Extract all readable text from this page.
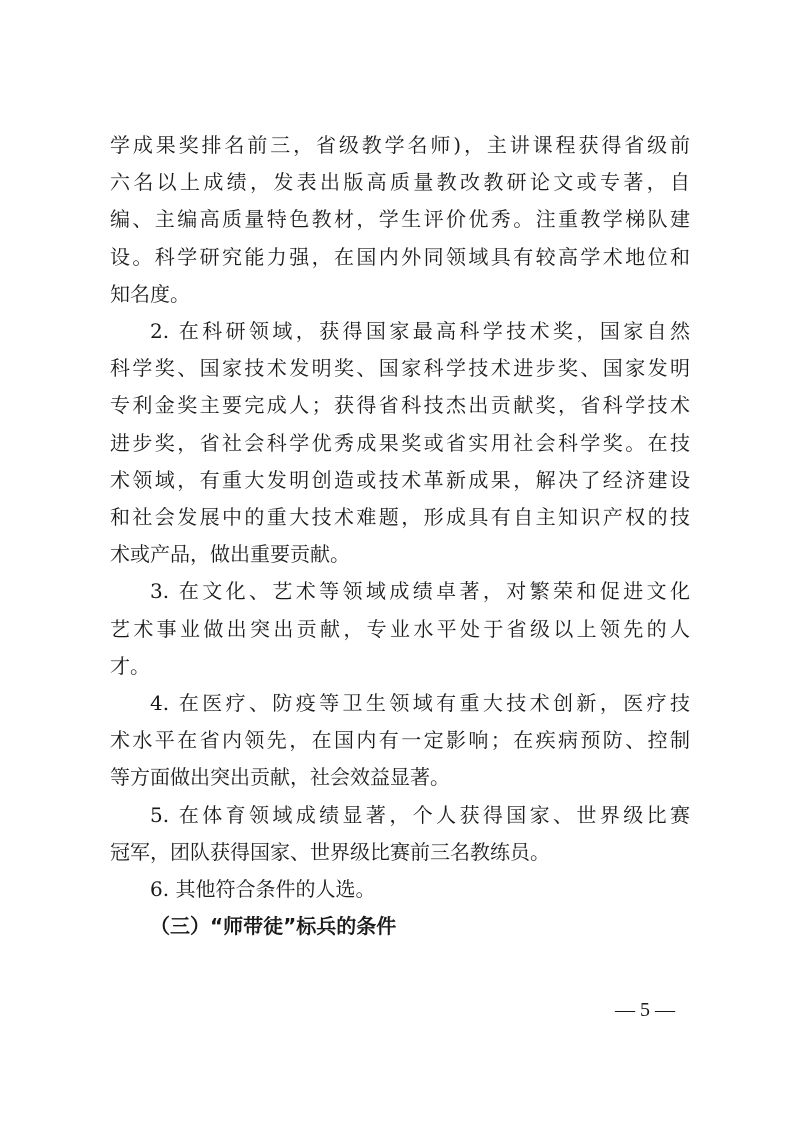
学成果奖排名前三，省级教学名师)，主讲课程获得省级前
六名以上成绩，发表出版高质量教改教研论文或专著，自
编、主编高质量特色教材，学生评价优秀。注重教学梯队建
设。科学研究能力强，在国内外同领域具有较高学术地位和
知名度。
2. 在科研领域，获得国家最高科学技术奖，国家自然
科学奖、国家技术发明奖、国家科学技术进步奖、国家发明
专利金奖主要完成人；获得省科技杰出贡献奖，省科学技术
进步奖，省社会科学优秀成果奖或省实用社会科学奖。在技
术领域，有重大发明创造或技术革新成果，解决了经济建设
和社会发展中的重大技术难题，形成具有自主知识产权的技
术或产品，做出重要贡献。
3. 在文化、艺术等领域成绩卓著，对繁荣和促进文化
艺术事业做出突出贡献，专业水平处于省级以上领先的人
才。
4. 在医疗、防疫等卫生领域有重大技术创新，医疗技
术水平在省内领先，在国内有一定影响；在疾病预防、控制
等方面做出突出贡献，社会效益显著。
5. 在体育领域成绩显著，个人获得国家、世界级比赛
冠军，团队获得国家、世界级比赛前三名教练员。
6. 其他符合条件的人选。
（三）“师带徒”标兵的条件
— 5 —
